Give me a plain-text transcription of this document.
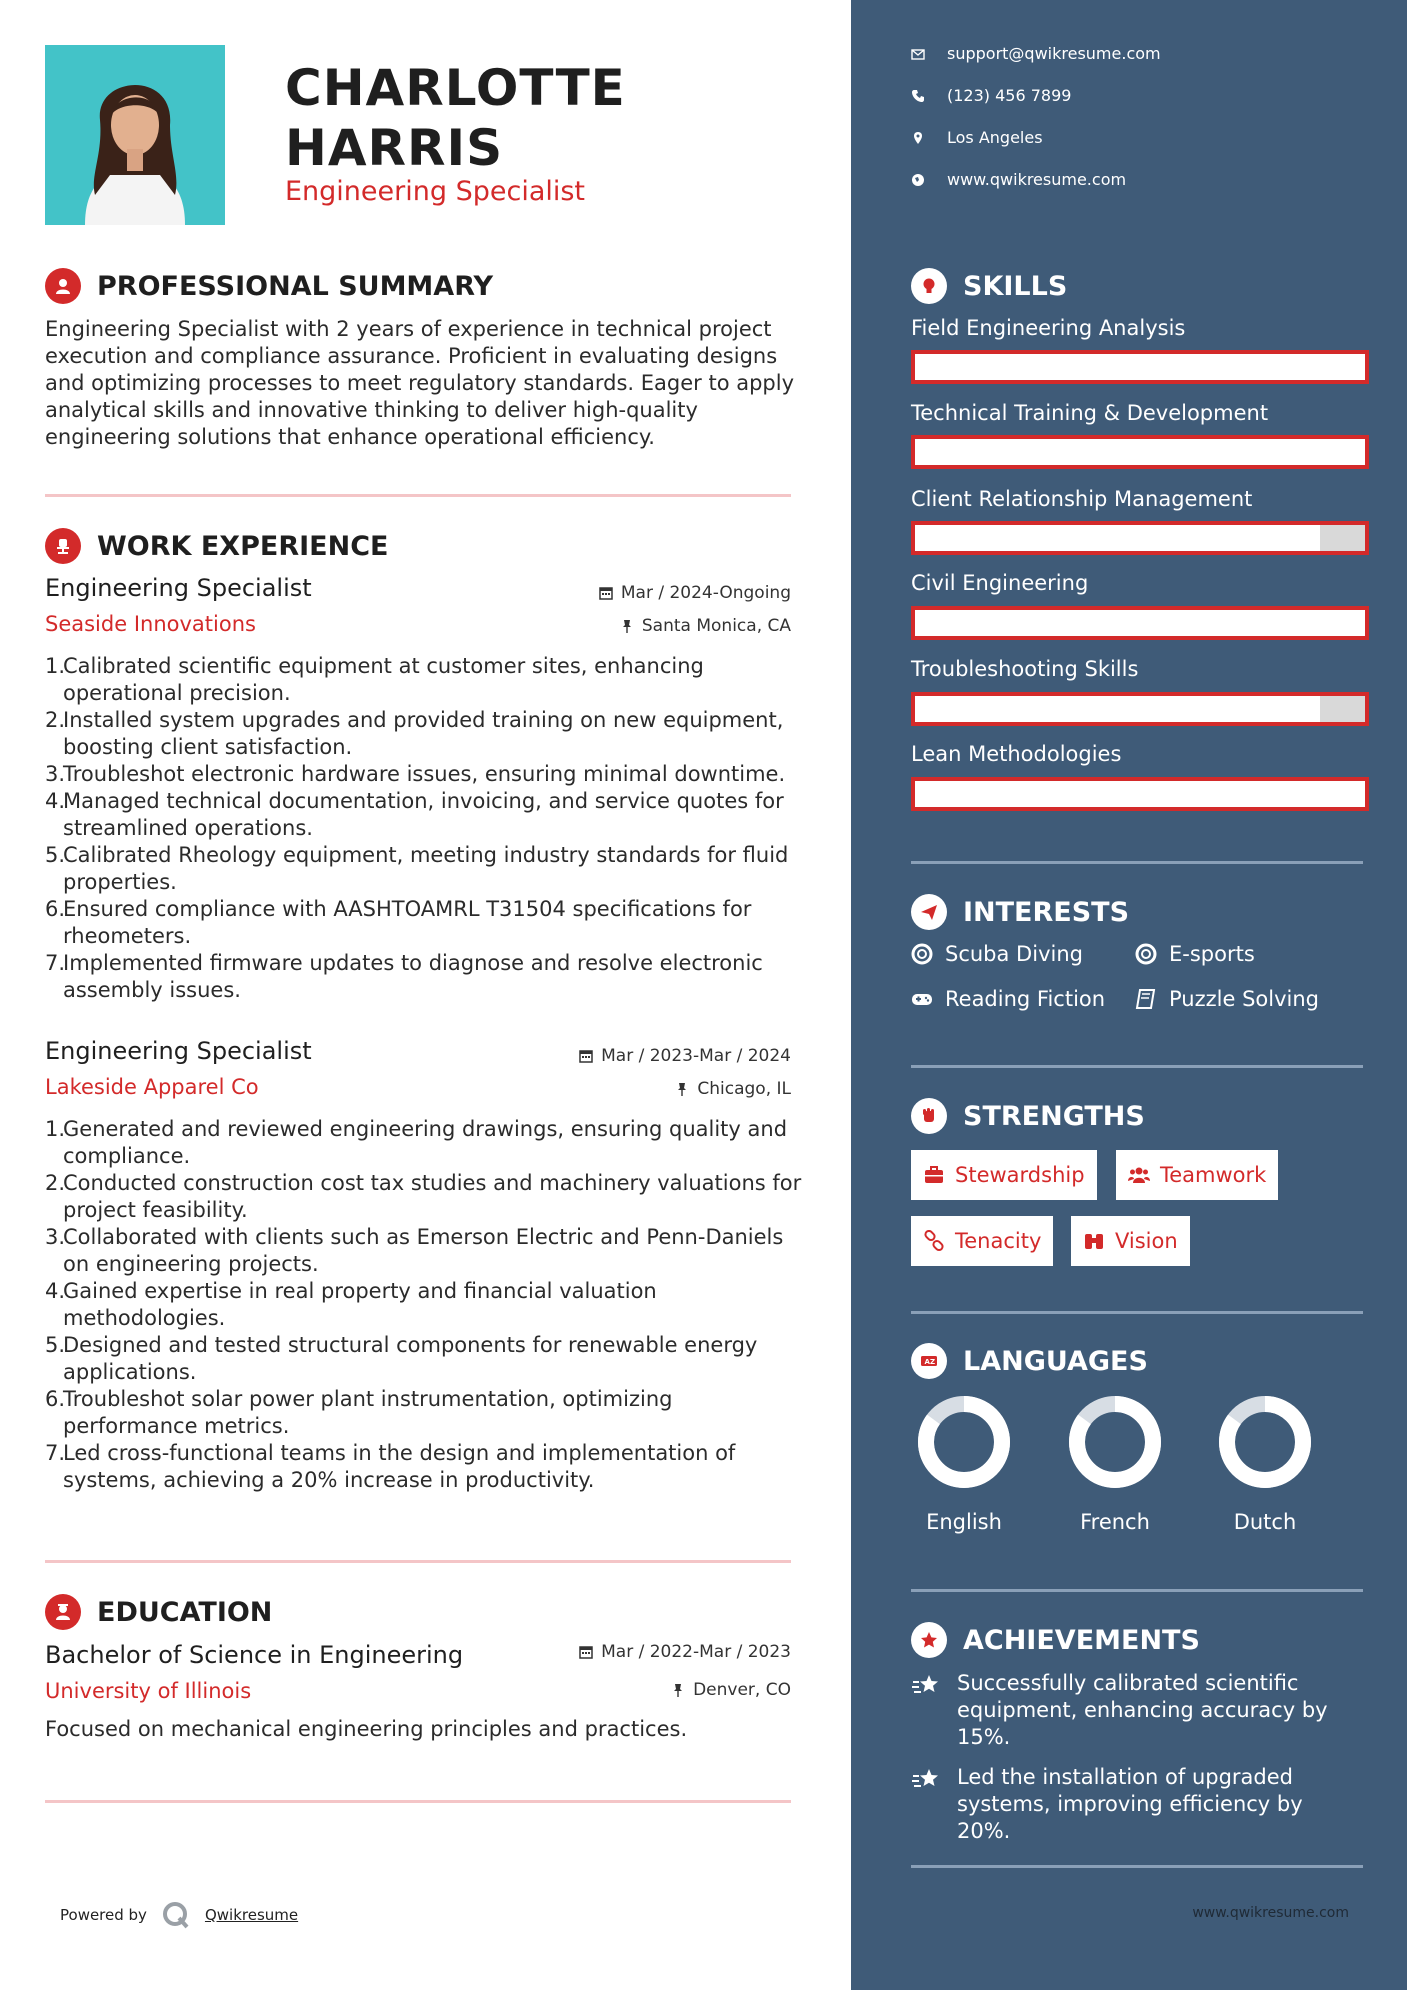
CHARLOTTE
HARRIS
Engineering Specialist
PROFESSIONAL SUMMARY
Engineering Specialist with 2 years of experience in technical project execution and compliance assurance. Proficient in evaluating designs and optimizing processes to meet regulatory standards. Eager to apply analytical skills and innovative thinking to deliver high-quality engineering solutions that enhance operational efficiency.
WORK EXPERIENCE
Engineering Specialist	Mar / 2024-Ongoing
Seaside Innovations	Santa Monica, CA
1.
Calibrated scientific equipment at customer sites, enhancing operational precision.
2.
Installed system upgrades and provided training on new equipment, boosting client satisfaction.
3.
Troubleshot electronic hardware issues, ensuring minimal downtime.
4.
Managed technical documentation, invoicing, and service quotes for streamlined operations.
5.
Calibrated Rheology equipment, meeting industry standards for fluid properties.
6.
Ensured compliance with AASHTOAMRL T31504 specifications for rheometers.
7.
Implemented firmware updates to diagnose and resolve electronic assembly issues.
Engineering Specialist	Mar / 2023-Mar / 2024
Lakeside Apparel Co	Chicago, IL
1.
Generated and reviewed engineering drawings, ensuring quality and compliance.
2.
Conducted construction cost tax studies and machinery valuations for project feasibility.
3.
Collaborated with clients such as Emerson Electric and Penn-Daniels on engineering projects.
4.
Gained expertise in real property and financial valuation methodologies.
5.
Designed and tested structural components for renewable energy applications.
6.
Troubleshot solar power plant instrumentation, optimizing performance metrics.
7.
Led cross-functional teams in the design and implementation of systems, achieving a 20% increase in productivity.
EDUCATION
Bachelor of Science in Engineering	Mar / 2022-Mar / 2023
University of Illinois	Denver, CO
Focused on mechanical engineering principles and practices.
Powered by	Qwikresume
support@qwikresume.com
(123) 456 7899
Los Angeles
www.qwikresume.com
SKILLS
Field Engineering Analysis
Technical Training & Development
Client Relationship Management
Civil Engineering
Troubleshooting Skills
Lean Methodologies
INTERESTS
Scuba Diving	E-sports
Reading Fiction	Puzzle Solving
STRENGTHS
Stewardship	Teamwork
Tenacity	Vision
A Z LANGUAGES
English	French	Dutch
ACHIEVEMENTS
Successfully calibrated scientific equipment, enhancing accuracy by 15%.
Led the installation of upgraded systems, improving efficiency by 20%.
www.qwikresume.com
